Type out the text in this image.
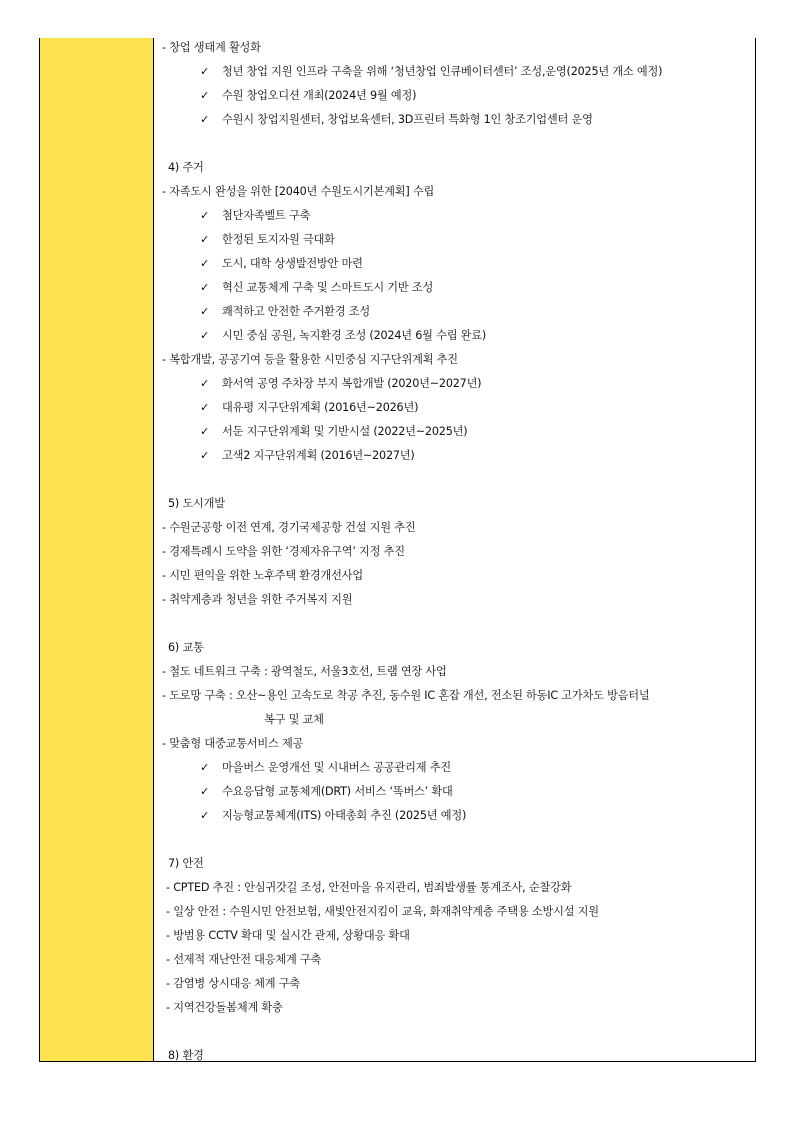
- 창업 생태계 활성화
✓ 청년 창업 지원 인프라 구축을 위해 ‘청년창업 인큐베이터센터’ 조성,운영(2025년 개소 예정)
✓ 수원 창업오디션 개최(2024년 9월 예정)
✓ 수원시 창업지원센터, 창업보육센터, 3D프린터 특화형 1인 창조기업센터 운영
4) 주거
- 자족도시 완성을 위한 [2040년 수원도시기본계획] 수립
✓ 첨단자족벨트 구축
✓ 한정된 토지자원 극대화
✓ 도시, 대학 상생발전방안 마련
✓ 혁신 교통체계 구축 및 스마트도시 기반 조성
✓ 쾌적하고 안전한 주거환경 조성
✓ 시민 중심 공원, 녹지환경 조성 (2024년 6월 수립 완료)
- 복합개발, 공공기여 등을 활용한 시민중심 지구단위계획 추진
✓ 화서역 공영 주차장 부지 복합개발 (2020년~2027년)
✓ 대유평 지구단위계획 (2016년~2026년)
✓ 서둔 지구단위계획 및 기반시설 (2022년~2025년)
✓ 고색2 지구단위계획 (2016년~2027년)
5) 도시개발
- 수원군공항 이전 연계, 경기국제공항 건설 지원 추진
- 경제특례시 도약을 위한 ‘경제자유구역’ 지정 추진
- 시민 편익을 위한 노후주택 환경개선사업
- 취약계층과 청년을 위한 주거복지 지원
6) 교통
- 철도 네트워크 구축 : 광역철도, 서울3호선, 트램 연장 사업
- 도로망 구축 : 오산~용인 고속도로 착공 추진, 동수원 IC 혼잡 개선, 전소된 하동IC 고가차도 방음터널
복구 및 교체
- 맞춤형 대중교통서비스 제공
✓ 마을버스 운영개선 및 시내버스 공공관리제 추진
✓ 수요응답형 교통체계(DRT) 서비스 ‘똑버스’ 확대
✓ 지능형교통체계(ITS) 아태총회 추진 (2025년 예정)
7) 안전
- CPTED 추진 : 안심귀갓길 조성, 안전마을 유지관리, 범죄발생률 통계조사, 순찰강화
- 일상 안전 : 수원시민 안전보험, 새빛안전지킴이 교육, 화재취약계층 주택용 소방시설 지원
- 방범용 CCTV 확대 및 실시간 관제, 상황대응 확대
- 선제적 재난안전 대응체계 구축
- 감염병 상시대응 체계 구축
- 지역건강돌봄체계 확충
8) 환경
